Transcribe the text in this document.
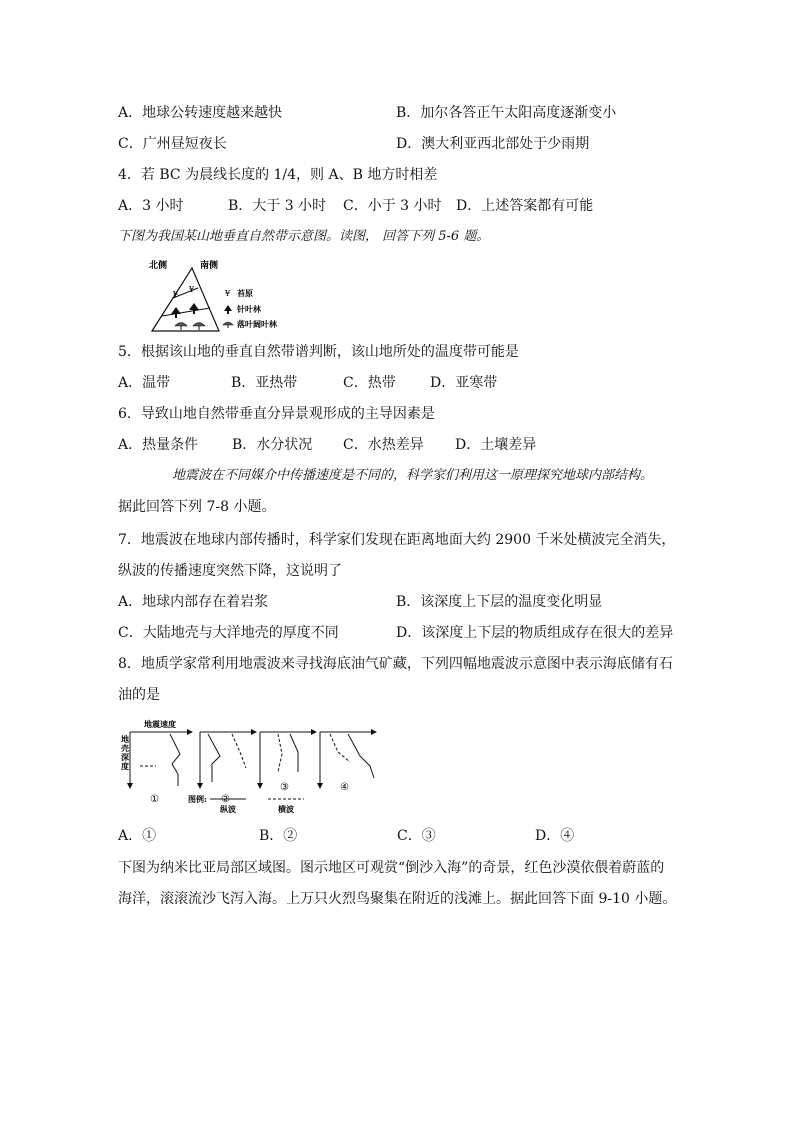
A．地球公转速度越来越快	B．加尔各答正午太阳高度逐渐变小
C．广州昼短夜长	D．澳大利亚西北部处于少雨期
4．若 BC 为晨线长度的 1/4，则 A、B 地方时相差
A．3 小时	B．大于 3 小时 C．小于 3 小时 D．上述答案都有可能
下图为我国某山地垂直自然带示意图。读图， 回答下列 5-6 题。
北侧	南侧
¥
¥	¥ 苔原
针叶林
落叶阔叶林
5．根据该山地的垂直自然带谱判断，该山地所处的温度带可能是
A．温带	B．亚热带	C．热带 D．亚寒带
6．导致山地自然带垂直分异景观形成的主导因素是
A．热量条件 B．水分状况 C．水热差异 D．土壤差异
地震波在不同媒介中传播速度是不同的，科学家们利用这一原理探究地球内部结构。
据此回答下列 7-8 小题。
7．地震波在地球内部传播时，科学家们发现在距离地面大约 2900 千米处横波完全消失，
纵波的传播速度突然下降，这说明了
A．地球内部存在着岩浆	B．该深度上下层的温度变化明显
C．大陆地壳与大洋地壳的厚度不同	D．该深度上下层的物质组成存在很大的差异
8．地质学家常利用地震波来寻找海底油气矿藏，下列四幅地震波示意图中表示海底储有石
油的是
地震速度
地
壳
深
度
①	②
③	④
图例:
纵波	横波
A．①	B．②	C．③	D．④
下图为纳米比亚局部区域图。图示地区可观赏“倒沙入海”的奇景，红色沙漠依偎着蔚蓝的
海洋，滚滚流沙飞泻入海。上万只火烈鸟聚集在附近的浅滩上。据此回答下面 9-10 小题。
